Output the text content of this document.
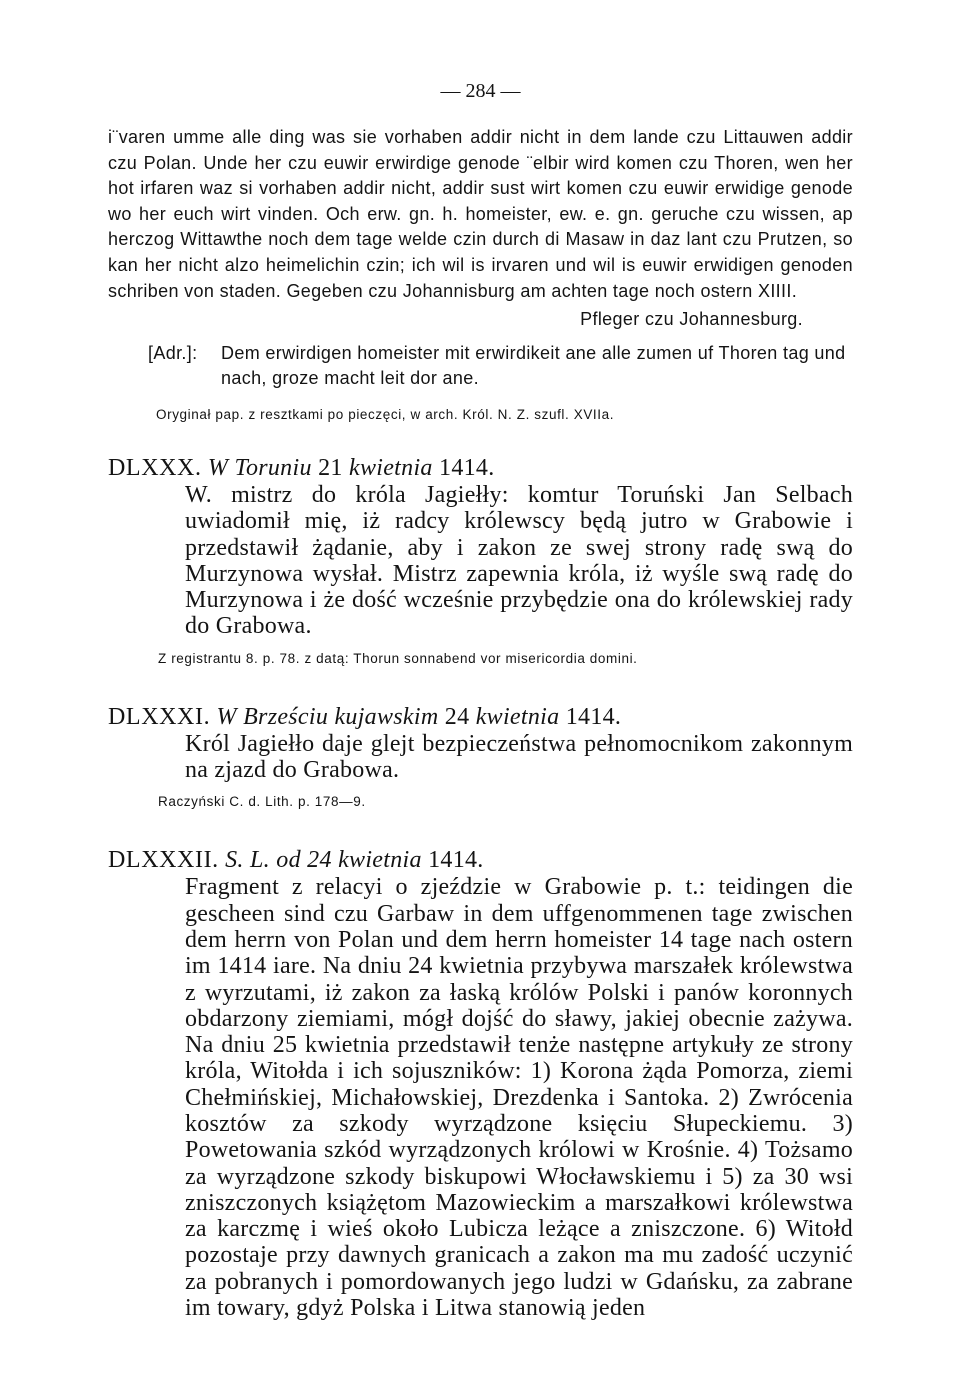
— 284 —

i¨varen umme alle ding was sie vorhaben addir nicht in dem lande czu Littauwen addir czu Polan. Unde her czu euwir erwirdige genode ¨elbir wird komen czu Thoren, wen her hot irfaren waz si vorhaben addir nicht, addir sust wirt komen czu euwir erwidige genode wo her euch wirt vinden. Och erw. gn. h. homeister, ew. e. gn. geruche czu wissen, ap herczog Wittawthe noch dem tage welde czin durch di Masaw in daz lant czu Prutzen, so kan her nicht alzo heimelichin czin; ich wil is irvaren und wil is euwir erwidigen genoden schriben von staden. Gegeben czu Johannisburg am achten tage noch ostern XIIII.

Pfleger czu Johannesburg.

[Adr.]:	Dem erwirdigen homeister mit erwirdikeit ane alle zumen uf Thoren tag und nach, groze macht leit dor ane.

Oryginał pap. z resztkami po pieczęci, w arch. Król. N. Z. szufl. XVIIa.

DLXXX. W Toruniu 21 kwietnia 1414.

W. mistrz do króla Jagiełły: komtur Toruński Jan Selbach uwiadomił mię, iż radcy królewscy będą jutro w Grabowie i przedstawił żądanie, aby i zakon ze swej strony radę swą do Murzynowa wysłał. Mistrz zapewnia króla, iż wyśle swą radę do Murzynowa i że dość wcześnie przybędzie ona do królewskiej rady do Grabowa.

Z registrantu 8. p. 78. z datą: Thorun sonnabend vor misericordia domini.

DLXXXI. W Brześciu kujawskim 24 kwietnia 1414.

Król Jagiełło daje glejt bezpieczeństwa pełnomocnikom zakonnym na zjazd do Grabowa.

Raczyński C. d. Lith. p. 178—9.

DLXXXII. S. L. od 24 kwietnia 1414.

Fragment z relacyi o zjeździe w Grabowie p. t.: teidingen die gescheen sind czu Garbaw in dem uffgenommenen tage zwischen dem herrn von Polan und dem herrn homeister 14 tage nach ostern im 1414 iare. Na dniu 24 kwietnia przybywa marszałek królewstwa z wyrzutami, iż zakon za łaską królów Polski i panów koronnych obdarzony ziemiami, mógł dojść do sławy, jakiej obecnie zażywa. Na dniu 25 kwietnia przedstawił tenże następne artykuły ze strony króla, Witołda i ich sojuszników: 1) Korona żąda Pomorza, ziemi Chełmińskiej, Michałowskiej, Drezdenka i Santoka. 2) Zwrócenia kosztów za szkody wyrządzone księciu Słupeckiemu. 3) Powetowania szkód wyrządzonych królowi w Krośnie. 4) Tożsamo za wyrządzone szkody biskupowi Włocławskiemu i 5) za 30 wsi zniszczonych książętom Mazowieckim a marszałkowi królewstwa za karczmę i wieś około Lubicza leżące a zniszczone. 6) Witołd pozostaje przy dawnych granicach a zakon ma mu zadość uczynić za pobranych i pomordowanych jego ludzi w Gdańsku, za zabrane im towary, gdyż Polska i Litwa stanowią jeden
